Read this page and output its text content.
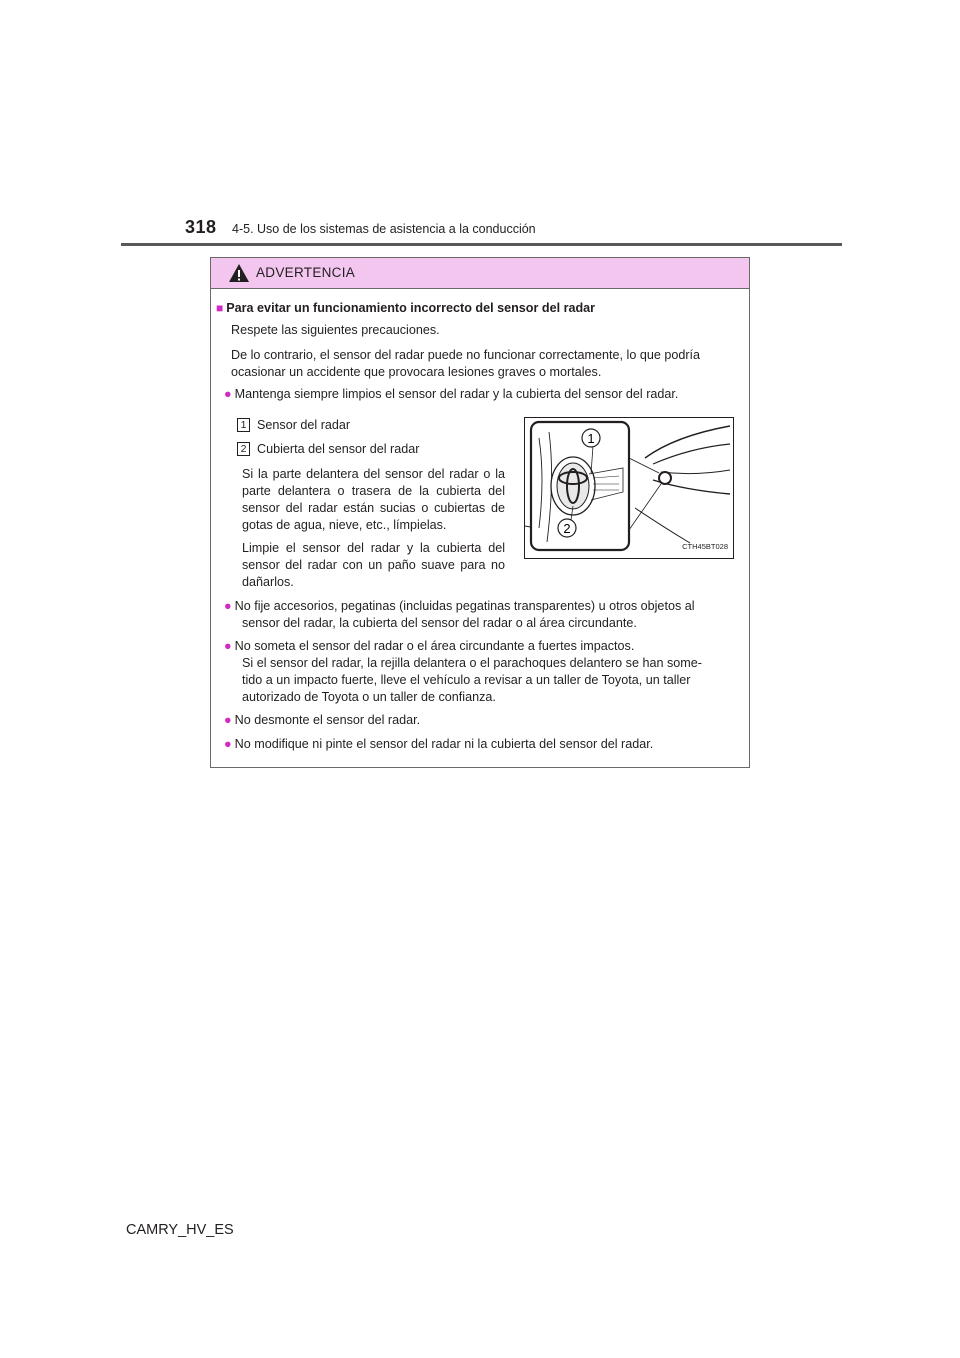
318 4-5. Uso de los sistemas de asistencia a la conducción
ADVERTENCIA
■ Para evitar un funcionamiento incorrecto del sensor del radar
Respete las siguientes precauciones.
De lo contrario, el sensor del radar puede no funcionar correctamente, lo que podría
ocasionar un accidente que provocara lesiones graves o mortales.
● Mantenga siempre limpios el sensor del radar y la cubierta del sensor del radar.
1 Sensor del radar
2 Cubierta del sensor del radar
Si la parte delantera del sensor del radar o la parte delantera o trasera de la cubierta del sensor del radar están sucias o cubiertas de gotas de agua, nieve, etc., límpielas.
Limpie el sensor del radar y la cubierta del sensor del radar con un paño suave para no dañarlos.
1
2
CTH45BT028
● No fije accesorios, pegatinas (incluidas pegatinas transparentes) u otros objetos al
sensor del radar, la cubierta del sensor del radar o al área circundante.
● No someta el sensor del radar o el área circundante a fuertes impactos.
Si el sensor del radar, la rejilla delantera o el parachoques delantero se han some-
tido a un impacto fuerte, lleve el vehículo a revisar a un taller de Toyota, un taller
autorizado de Toyota o un taller de confianza.
● No desmonte el sensor del radar.
● No modifique ni pinte el sensor del radar ni la cubierta del sensor del radar.
CAMRY_HV_ES
